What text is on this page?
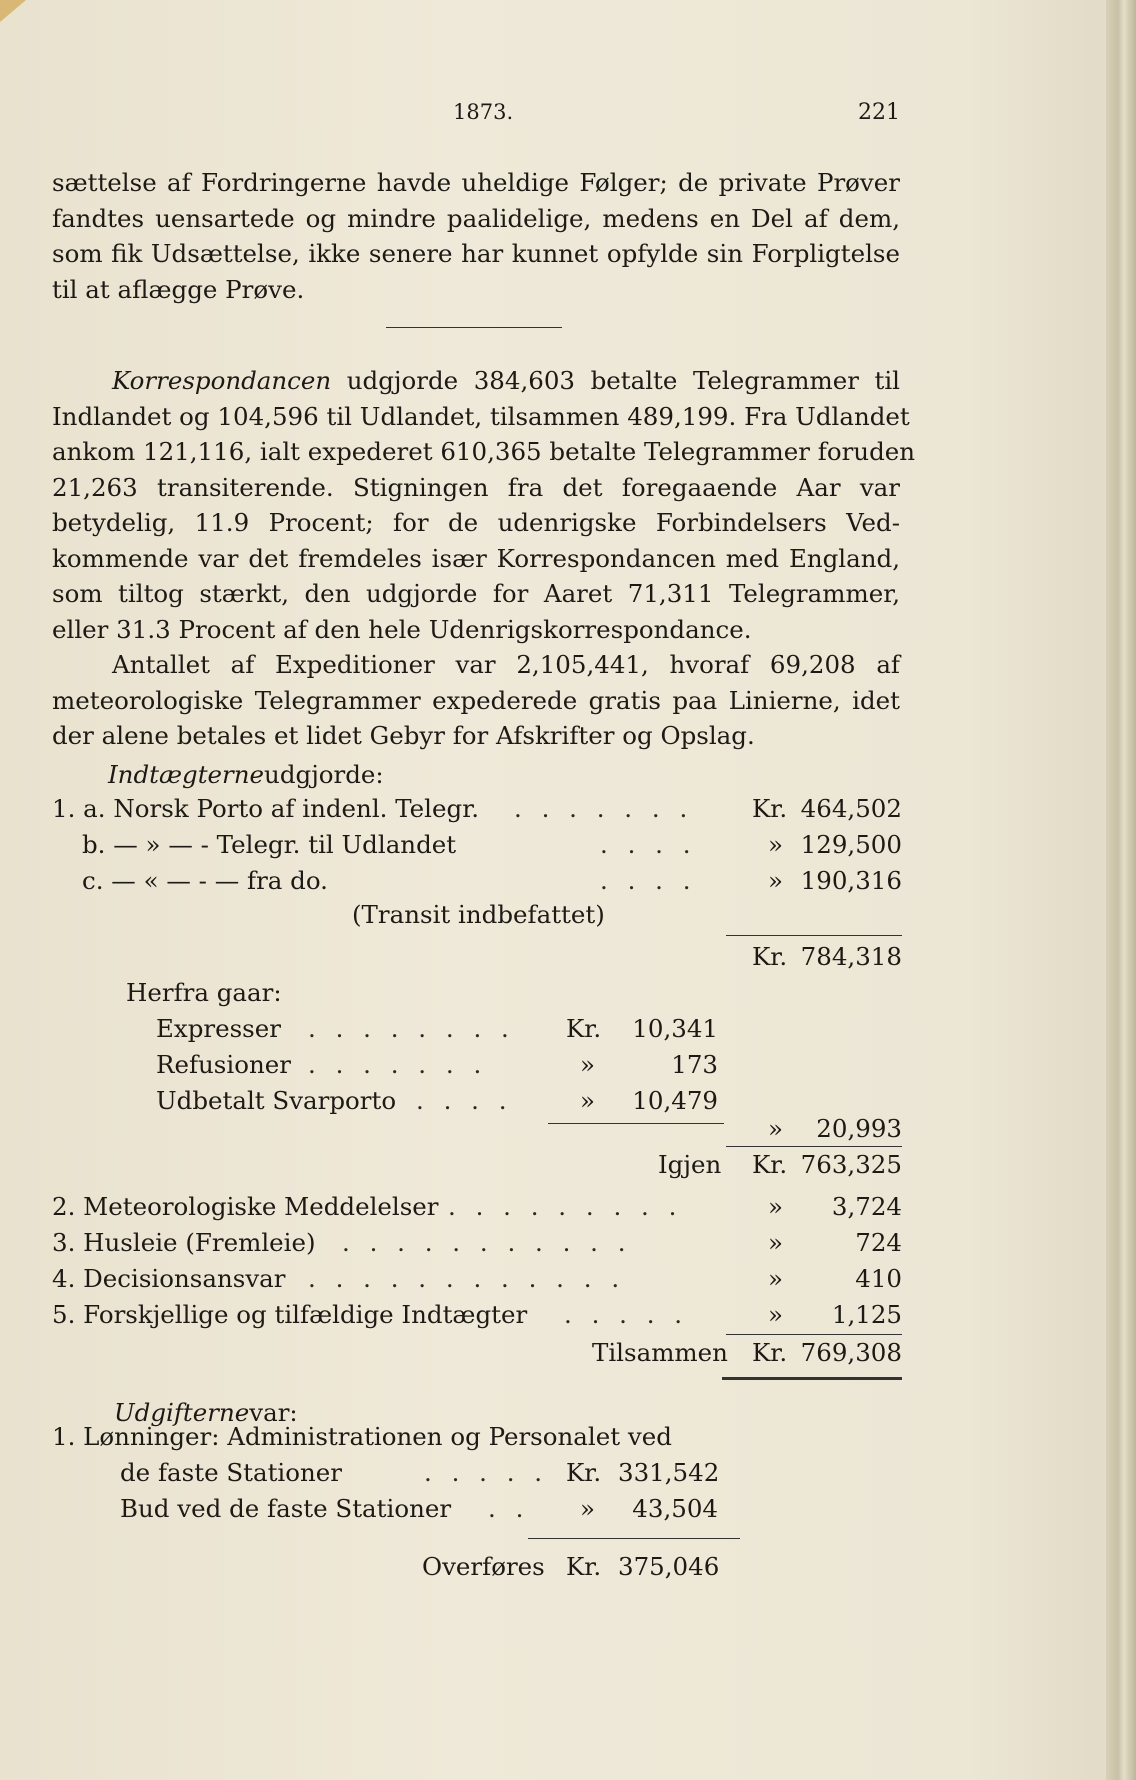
1873.	221

sættelse af Fordringerne havde uheldige Følger; de private Prøver
fandtes uensartede og mindre paalidelige, medens en Del af dem,
som fik Udsættelse, ikke senere har kunnet opfylde sin Forpligtelse
til at aflægge Prøve.

Korrespondancen udgjorde 384,603 betalte Telegrammer til
Indlandet og 104,596 til Udlandet, tilsammen 489,199. Fra Udlandet
ankom 121,116, ialt expederet 610,365 betalte Telegrammer foruden
21,263 transiterende. Stigningen fra det foregaaende Aar var
betydelig, 11.9 Procent; for de udenrigske Forbindelsers Ved-
kommende var det fremdeles især Korrespondancen med England,
som tiltog stærkt, den udgjorde for Aaret 71,311 Telegrammer,
eller 31.3 Procent af den hele Udenrigskorrespondance.

Antallet af Expeditioner var 2,105,441, hvoraf 69,208 af
meteorologiske Telegrammer expederede gratis paa Linierne, idet
der alene betales et lidet Gebyr for Afskrifter og Opslag.

Indtægterne udgjorde:
1. a. Norsk Porto af indenl. Telegr. . . . . . . . Kr. 464,502
b. — » — - Telegr. til Udlandet	. . . .	» 129,500
c. — « — - — fra do.	. . . .	» 190,316
(Transit indbefattet)
Kr. 784,318
Herfra gaar:
Expresser . . . . . . . . Kr.	10,341
Refusioner . . . . . . .	»	173
Udbetalt Svarporto . . . .	»	10,479
»	20,993
Igjen Kr. 763,325
2. Meteorologiske Meddelelser . . . . . . . . .	»	3,724
3. Husleie (Fremleie) . . . . . . . . . . .	»	724
4. Decisionsansvar . . . . . . . . . . . .	»	410
5. Forskjellige og tilfældige Indtægter . . . . .	»	1,125
Tilsammen Kr. 769,308
Udgifterne var:
1. Lønninger: Administrationen og Personalet ved
de faste Stationer	. . . . . Kr. 331,542
Bud ved de faste Stationer . . »	43,504
Overføres Kr. 375,046
